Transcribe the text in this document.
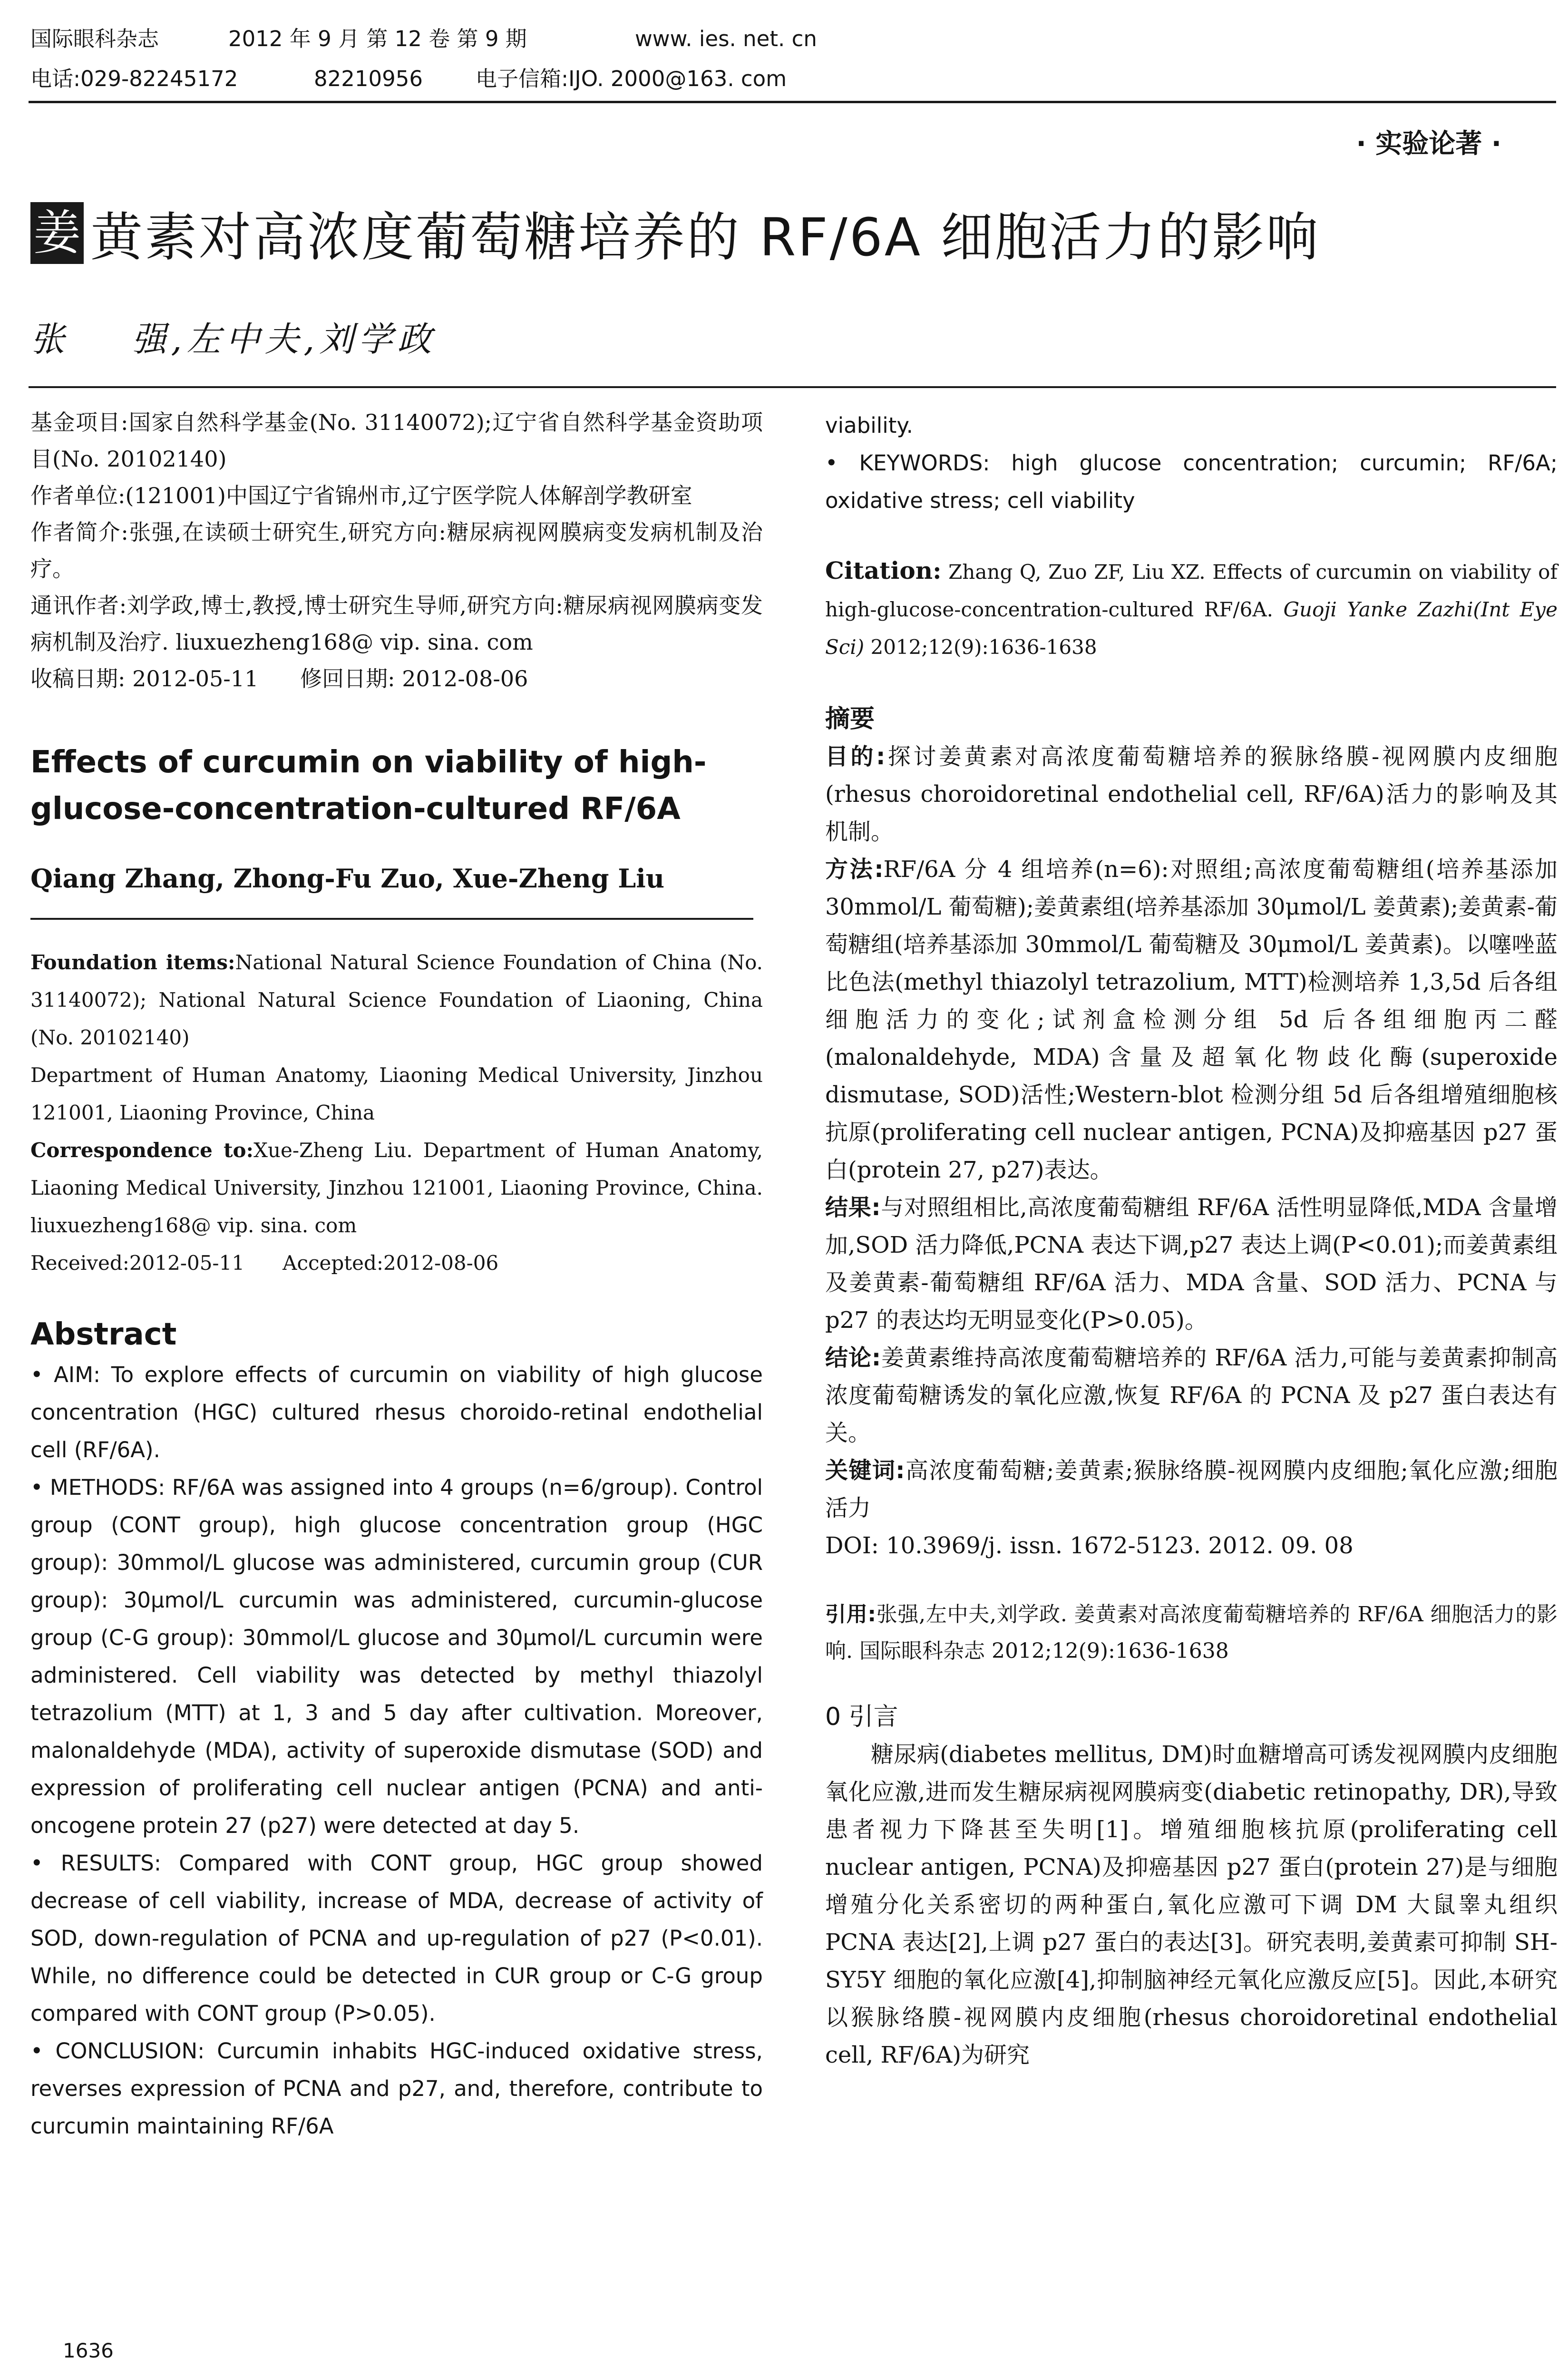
国际眼科杂志	2012 年 9 月 第 12 卷 第 9 期	www. ies. net. cn
电话:029-82245172	82210956 电子信箱:IJO. 2000@163. com
· 实验论著 ·
姜 黄素对高浓度葡萄糖培养的 RF/6A 细胞活力的影响
张    强,左中夫,刘学政

基金项目:国家自然科学基金(No. 31140072);辽宁省自然科学基金资助项目(No. 20102140)

作者单位:(121001)中国辽宁省锦州市,辽宁医学院人体解剖学教研室

作者简介:张强,在读硕士研究生,研究方向:糖尿病视网膜病变发病机制及治疗。

通讯作者:刘学政,博士,教授,博士研究生导师,研究方向:糖尿病视网膜病变发病机制及治疗. liuxuezheng168@ vip. sina. com

收稿日期: 2012-05-11      修回日期: 2012-08-06

Effects of curcumin on viability of high-glucose-concentration-cultured RF/6A
Qiang Zhang, Zhong-Fu Zuo, Xue-Zheng Liu

Foundation items:National Natural Science Foundation of China (No. 31140072); National Natural Science Foundation of Liaoning, China (No. 20102140)

Department of Human Anatomy, Liaoning Medical University, Jinzhou 121001, Liaoning Province, China

Correspondence to:Xue-Zheng Liu. Department of Human Anatomy, Liaoning Medical University, Jinzhou 121001, Liaoning Province, China. liuxuezheng168@ vip. sina. com

Received:2012-05-11      Accepted:2012-08-06

Abstract

• AIM: To explore effects of curcumin on viability of high glucose concentration (HGC) cultured rhesus choroido-retinal endothelial cell (RF/6A).

• METHODS: RF/6A was assigned into 4 groups (n=6/group). Control group (CONT group), high glucose concentration group (HGC group): 30mmol/L glucose was administered, curcumin group (CUR group): 30μmol/L curcumin was administered, curcumin-glucose group (C-G group): 30mmol/L glucose and 30μmol/L curcumin were administered. Cell viability was detected by methyl thiazolyl tetrazolium (MTT) at 1, 3 and 5 day after cultivation. Moreover, malonaldehyde (MDA), activity of superoxide dismutase (SOD) and expression of proliferating cell nuclear antigen (PCNA) and anti-oncogene protein 27 (p27) were detected at day 5.

• RESULTS: Compared with CONT group, HGC group showed decrease of cell viability, increase of MDA, decrease of activity of SOD, down-regulation of PCNA and up-regulation of p27 (P<0.01). While, no difference could be detected in CUR group or C-G group compared with CONT group (P>0.05).

• CONCLUSION: Curcumin inhabits HGC-induced oxidative stress, reverses expression of PCNA and p27, and, therefore, contribute to curcumin maintaining RF/6A

1636

viability.

• KEYWORDS: high glucose concentration; curcumin; RF/6A; oxidative stress; cell viability

Citation: Zhang Q, Zuo ZF, Liu XZ. Effects of curcumin on viability of high-glucose-concentration-cultured RF/6A. Guoji Yanke Zazhi(Int Eye Sci) 2012;12(9):1636-1638

摘要

目的:探讨姜黄素对高浓度葡萄糖培养的猴脉络膜-视网膜内皮细胞(rhesus choroidoretinal endothelial cell, RF/6A)活力的影响及其机制。

方法:RF/6A 分 4 组培养(n=6):对照组;高浓度葡萄糖组(培养基添加 30mmol/L 葡萄糖);姜黄素组(培养基添加 30μmol/L 姜黄素);姜黄素-葡萄糖组(培养基添加 30mmol/L 葡萄糖及 30μmol/L 姜黄素)。以噻唑蓝比色法(methyl thiazolyl tetrazolium, MTT)检测培养 1,3,5d 后各组细胞活力的变化;试剂盒检测分组 5d 后各组细胞丙二醛(malonaldehyde, MDA)含量及超氧化物歧化酶(superoxide dismutase, SOD)活性;Western-blot 检测分组 5d 后各组增殖细胞核抗原(proliferating cell nuclear antigen, PCNA)及抑癌基因 p27 蛋白(protein 27, p27)表达。

结果:与对照组相比,高浓度葡萄糖组 RF/6A 活性明显降低,MDA 含量增加,SOD 活力降低,PCNA 表达下调,p27 表达上调(P<0.01);而姜黄素组及姜黄素-葡萄糖组 RF/6A 活力、MDA 含量、SOD 活力、PCNA 与 p27 的表达均无明显变化(P>0.05)。

结论:姜黄素维持高浓度葡萄糖培养的 RF/6A 活力,可能与姜黄素抑制高浓度葡萄糖诱发的氧化应激,恢复 RF/6A 的 PCNA 及 p27 蛋白表达有关。

关键词:高浓度葡萄糖;姜黄素;猴脉络膜-视网膜内皮细胞;氧化应激;细胞活力

DOI: 10.3969/j. issn. 1672-5123. 2012. 09. 08

引用:张强,左中夫,刘学政. 姜黄素对高浓度葡萄糖培养的 RF/6A 细胞活力的影响. 国际眼科杂志 2012;12(9):1636-1638

0 引言

糖尿病(diabetes mellitus, DM)时血糖增高可诱发视网膜内皮细胞氧化应激,进而发生糖尿病视网膜病变(diabetic retinopathy, DR),导致患者视力下降甚至失明[1]。增殖细胞核抗原(proliferating cell nuclear antigen, PCNA)及抑癌基因 p27 蛋白(protein 27)是与细胞增殖分化关系密切的两种蛋白,氧化应激可下调 DM 大鼠睾丸组织 PCNA 表达[2],上调 p27 蛋白的表达[3]。研究表明,姜黄素可抑制 SH-SY5Y 细胞的氧化应激[4],抑制脑神经元氧化应激反应[5]。因此,本研究以猴脉络膜-视网膜内皮细胞(rhesus choroidoretinal endothelial cell, RF/6A)为研究
